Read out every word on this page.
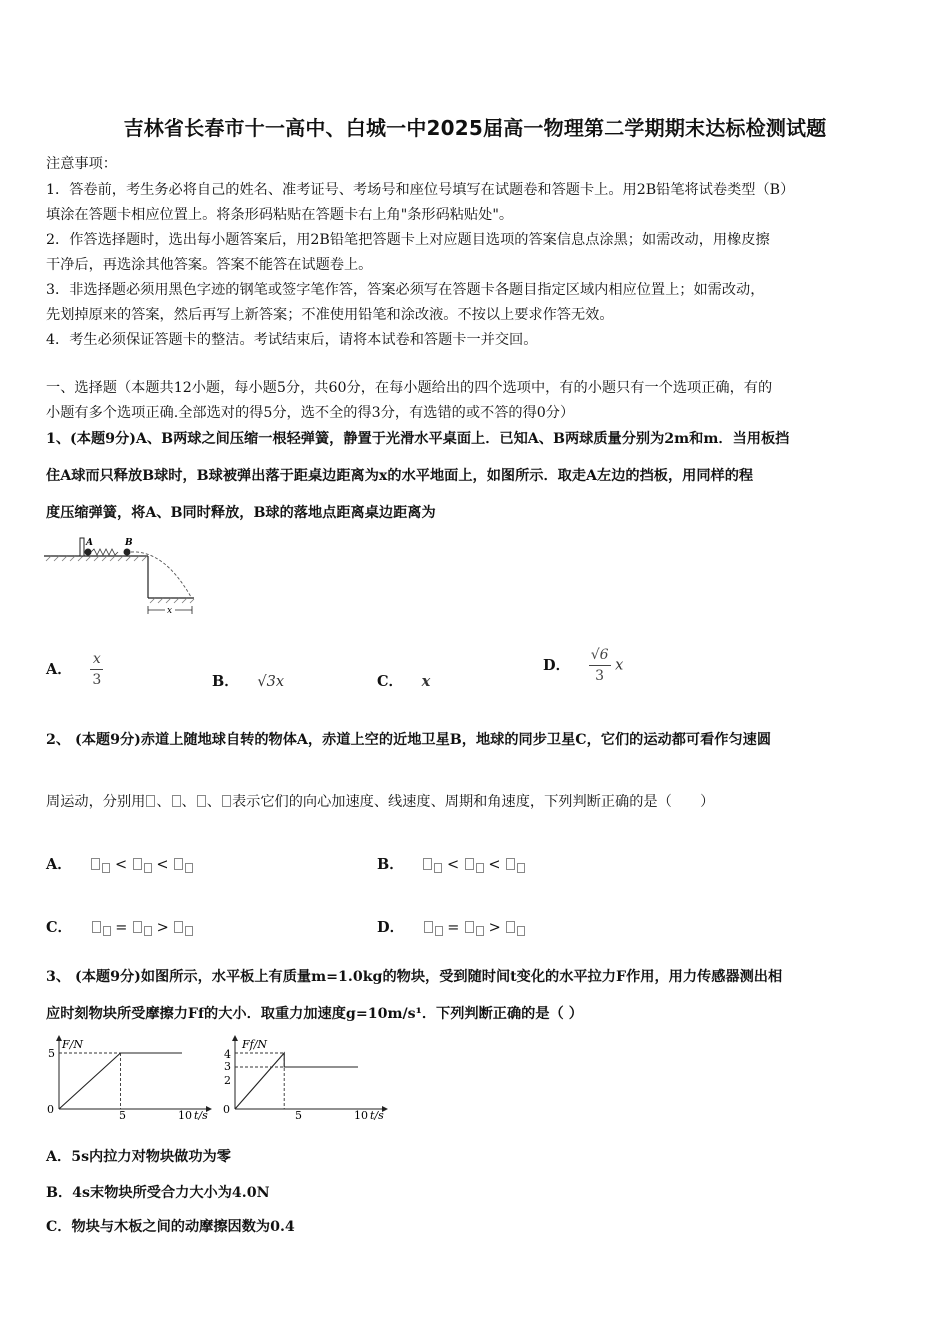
吉林省长春市十一高中、白城一中2025届高一物理第二学期期末达标检测试题
注意事项：
1．答卷前，考生务必将自己的姓名、准考证号、考场号和座位号填写在试题卷和答题卡上。用2B铅笔将试卷类型（B）
填涂在答题卡相应位置上。将条形码粘贴在答题卡右上角"条形码粘贴处"。
2．作答选择题时，选出每小题答案后，用2B铅笔把答题卡上对应题目选项的答案信息点涂黑；如需改动，用橡皮擦
干净后，再选涂其他答案。答案不能答在试题卷上。
3．非选择题必须用黑色字迹的钢笔或签字笔作答，答案必须写在答题卡各题目指定区域内相应位置上；如需改动，
先划掉原来的答案，然后再写上新答案；不准使用铅笔和涂改液。不按以上要求作答无效。
4．考生必须保证答题卡的整洁。考试结束后，请将本试卷和答题卡一并交回。
一、选择题（本题共12小题，每小题5分，共60分，在每小题给出的四个选项中，有的小题只有一个选项正确，有的
小题有多个选项正确.全部选对的得5分，选不全的得3分，有选错的或不答的得0分）
1、(本题9分)A、B两球之间压缩一根轻弹簧，静置于光滑水平桌面上．已知A、B两球质量分别为2m和m．当用板挡
住A球而只释放B球时，B球被弹出落于距桌边距离为x的水平地面上，如图所示．取走A左边的挡板，用同样的程
度压缩弹簧，将A、B同时释放，B球的落地点距离桌边距离为
A	B
x
A． $\frac{x}{3}$	B． √3x	C． x
D． $\frac{√6}{3}$ x
2、 (本题9分)赤道上随地球自转的物体A，赤道上空的近地卫星B，地球的同步卫星C，它们的运动都可看作匀速圆
周运动，分别用 、 、 、 表示它们的向心加速度、线速度、周期和角速度，下列判断正确的是（　　）
A．	< <	B．	< <
C．	= >	D．	= >
3、 (本题9分)如图所示，水平板上有质量m=1.0kg的物块，受到随时间t变化的水平拉力F作用，用力传感器测出相
应时刻物块所受摩擦力Ff的大小．取重力加速度g=10m/s¹．下列判断正确的是（ ）
F/N
5
0	5	10 t/s
Ff/N
4
3
2
0	5	10 t/s
A．5s内拉力对物块做功为零
B．4s末物块所受合力大小为4.0N
C．物块与木板之间的动摩擦因数为0.4
